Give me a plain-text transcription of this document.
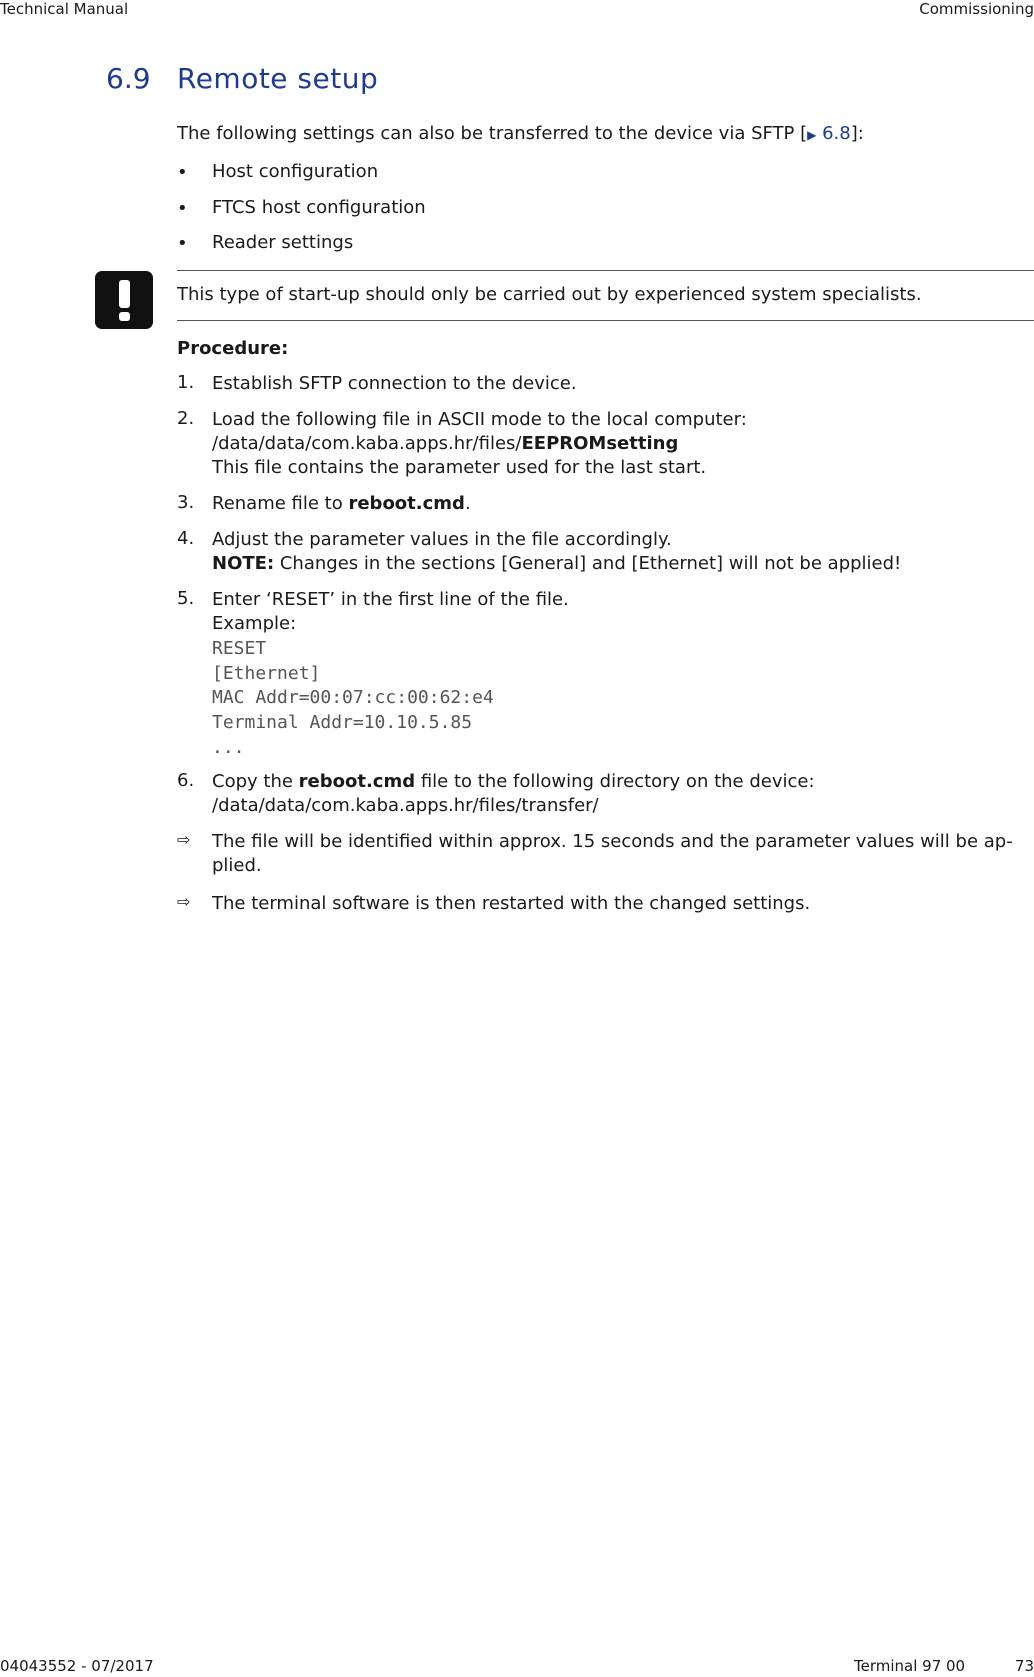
Technical Manual	Commissioning
6.9 Remote setup
The following settings can also be transferred to the device via SFTP [▶ 6.8]:
• Host configuration
• FTCS host configuration
• Reader settings
This type of start-up should only be carried out by experienced system specialists.
Procedure:
1. Establish SFTP connection to the device.
2. Load the following file in ASCII mode to the local computer:
/data/data/com.kaba.apps.hr/files/EEPROMsetting
This file contains the parameter used for the last start.
3. Rename file to reboot.cmd.
4. Adjust the parameter values in the file accordingly.
NOTE: Changes in the sections [General] and [Ethernet] will not be applied!
5. Enter ‘RESET’ in the first line of the file.
Example:
RESET
[Ethernet]
MAC Addr=00:07:cc:00:62:e4
Terminal Addr=10.10.5.85
...
6. Copy the reboot.cmd file to the following directory on the device:
/data/data/com.kaba.apps.hr/files/transfer/
⇨ The file will be identified within approx. 15 seconds and the parameter values will be ap-
plied.
⇨ The terminal software is then restarted with the changed settings.
04043552 - 07/2017	Terminal 97 00	73
